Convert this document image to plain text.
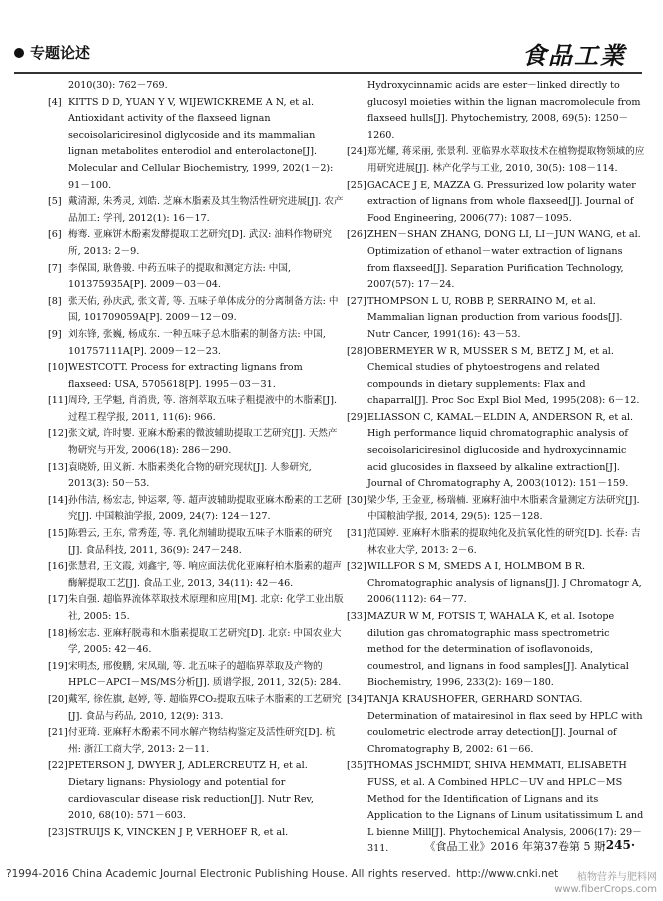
专题论述	食品工業
2010(30): 762－769.
[4] KITTS D D, YUAN Y V, WIJEWICKREME A N, et al. Antioxidant activity of the flaxseed lignan secoisolariciresinol diglycoside and its mammalian lignan metabolites enterodiol and enterolactone[J]. Molecular and Cellular Biochemistry, 1999, 202(1－2): 91－100.
[5] 戴清源, 朱秀灵, 刘皓. 芝麻木脂素及其生物活性研究进展[J]. 农产品加工: 学刊, 2012(1): 16－17.
[6] 梅骞. 亚麻饼木酚素发酵提取工艺研究[D]. 武汉: 油料作物研究所, 2013: 2－9.
[7] 李保国, 耿鲁骏. 中药五味子的提取和测定方法: 中国, 101375935A[P]. 2009－03－04.
[8] 张天佑, 孙庆武, 张文菁, 等. 五味子单体成分的分离制备方法: 中国, 101709059A[P]. 2009－12－09.
[9] 刘东锋, 张巍, 杨成东. 一种五味子总木脂素的制备方法: 中国, 101757111A[P]. 2009－12－23.
[10] WESTCOTT. Process for extracting lignans from flaxseed: USA, 5705618[P]. 1995－03－31.
[11] 周玲, 王学魁, 肖消贵, 等. 溶剂萃取五味子粗提液中的木脂素[J]. 过程工程学报, 2011, 11(6): 966.
[12] 张文斌, 许时婴. 亚麻木酚素的微波辅助提取工艺研究[J]. 天然产物研究与开发, 2006(18): 286－290.
[13] 袁晓娇, 田义新. 木脂素类化合物的研究现状[J]. 人参研究, 2013(3): 50－53.
[14] 孙伟洁, 杨宏志, 钟运翠, 等. 超声波辅助提取亚麻木酚素的工艺研究[J]. 中国粮油学报, 2009, 24(7): 124－127.
[15] 陈碧云, 王东, 常秀莲, 等. 乳化剂辅助提取五味子木脂素的研究[J]. 食品科技, 2011, 36(9): 247－248.
[16] 张慧君, 王文霞, 刘鑫宇, 等. 响应面法优化亚麻籽柏木脂素的超声酶解提取工艺[J]. 食品工业, 2013, 34(11): 42－46.
[17] 朱自强. 超临界流体萃取技术原理和应用[M]. 北京: 化学工业出版社, 2005: 15.
[18] 杨宏志. 亚麻籽脱毒和木脂素提取工艺研究[D]. 北京: 中国农业大学, 2005: 42－46.
[19] 宋明杰, 邢俊鹏, 宋凤瑞, 等. 北五味子的超临界萃取及产物的HPLC－APCI－MS/MS分析[J]. 质谱学报, 2011, 32(5): 284.
[20] 戴军, 徐佐旗, 赵婷, 等. 超临界CO₂提取五味子木脂素的工艺研究[J]. 食品与药品, 2010, 12(9): 313.
[21] 付亚琦. 亚麻籽木酚素不同水解产物结构鉴定及活性研究[D]. 杭州: 浙江工商大学, 2013: 2－11.
[22] PETERSON J, DWYER J, ADLERCREUTZ H, et al. Dietary lignans: Physiology and potential for cardiovascular disease risk reduction[J]. Nutr Rev, 2010, 68(10): 571－603.
[23] STRUIJS K, VINCKEN J P, VERHOEF R, et al.
Hydroxycinnamic acids are ester－linked directly to glucosyl moieties within the lignan macromolecule from flaxseed hulls[J]. Phytochemistry, 2008, 69(5): 1250－1260.
[24] 郑光耀, 蒋采丽, 张景利. 亚临界水萃取技术在植物提取物领域的应用研究进展[J]. 林产化学与工业, 2010, 30(5): 108－114.
[25] GACACE J E, MAZZA G. Pressurized low polarity water extraction of lignans from whole flaxseed[J]. Journal of Food Engineering, 2006(77): 1087－1095.
[26] ZHEN－SHAN ZHANG, DONG LI, LI－JUN WANG, et al. Optimization of ethanol－water extraction of lignans from flaxseed[J]. Separation Purification Technology, 2007(57): 17－24.
[27] THOMPSON L U, ROBB P, SERRAINO M, et al. Mammalian lignan production from various foods[J]. Nutr Cancer, 1991(16): 43－53.
[28] OBERMEYER W R, MUSSER S M, BETZ J M, et al. Chemical studies of phytoestrogens and related compounds in dietary supplements: Flax and chaparral[J]. Proc Soc Expl Biol Med, 1995(208): 6－12.
[29] ELIASSON C, KAMAL－ELDIN A, ANDERSON R, et al. High performance liquid chromatographic analysis of secoisolariciresinol diglucoside and hydroxycinnamic acid glucosides in flaxseed by alkaline extraction[J]. Journal of Chromatography A, 2003(1012): 151－159.
[30] 梁少华, 王金亚, 杨瑞楠. 亚麻籽油中木脂素含量测定方法研究[J]. 中国粮油学报, 2014, 29(5): 125－128.
[31] 范国婷. 亚麻籽木脂素的提取纯化及抗氧化性的研究[D]. 长春: 吉林农业大学, 2013: 2－6.
[32] WILLFOR S M, SMEDS A I, HOLMBOM B R. Chromatographic analysis of lignans[J]. J Chromatogr A, 2006(1112): 64－77.
[33] MAZUR W M, FOTSIS T, WAHALA K, et al. Isotope dilution gas chromatographic mass spectrometric method for the determination of isoflavonoids, coumestrol, and lignans in food samples[J]. Analytical Biochemistry, 1996, 233(2): 169－180.
[34] TANJA KRAUSHOFER, GERHARD SONTAG. Determination of matairesinol in flax seed by HPLC with coulometric electrode array detection[J]. Journal of Chromatography B, 2002: 61－66.
[35] THOMAS JSCHMIDT, SHIVA HEMMATI, ELISABETH FUSS, et al. A Combined HPLC－UV and HPLC－MS Method for the Identification of Lignans and its Application to the Lignans of Linum usitatissimum L and L bienne Mill[J]. Phytochemical Analysis, 2006(17): 29－311.	《食品工业》2016 年第37卷第 5 期
·245·
?1994-2016 China Academic Journal Electronic Publishing House. All rights reserved. http://www.cnki.net	植物营养与肥料网
www.fiberCrops.com
